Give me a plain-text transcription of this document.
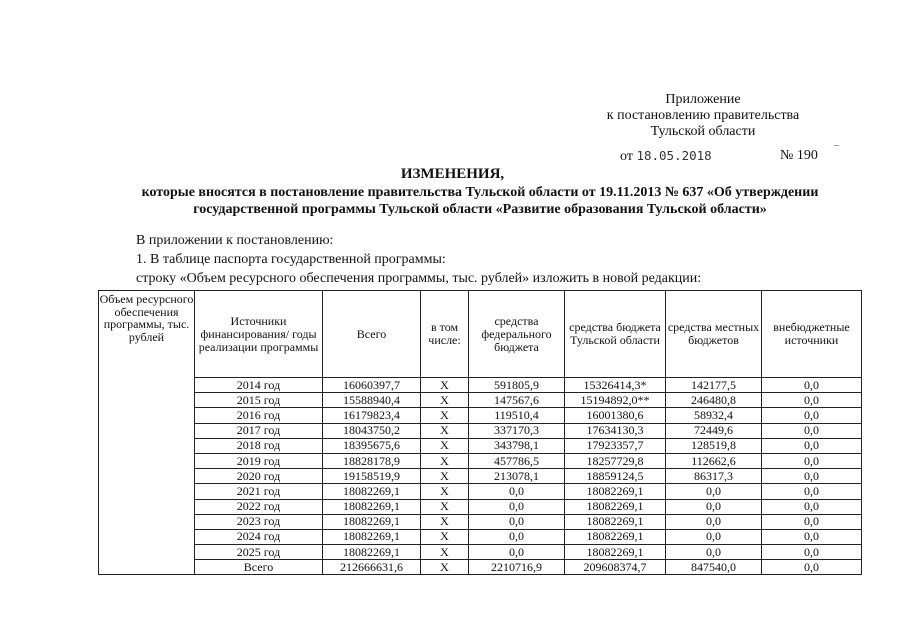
Приложение
к постановлению правительства
Тульской области
–
от 18.05.2018	№ 190
ИЗМЕНЕНИЯ,
которые вносятся в постановление правительства Тульской области от 19.11.2013 № 637 «Об утверждении государственной программы Тульской области «Развитие образования Тульской области»
В приложении к постановлению:
1. В таблице паспорта государственной программы:
строку «Объем ресурсного обеспечения программы, тыс. рублей» изложить в новой редакции:
Объем ресурсного обеспечения программы, тыс. рублей	Источники финансирования/ годы реализации программы	Всего	в том числе:	средства федерального бюджета	средства бюджета Тульской области	средства местных бюджетов	внебюджетные источники
	2014 год	16060397,7	X	591805,9	15326414,3*	142177,5	0,0
	2015 год	15588940,4	X	147567,6	15194892,0**	246480,8	0,0
	2016 год	16179823,4	X	119510,4	16001380,6	58932,4	0,0
	2017 год	18043750,2	X	337170,3	17634130,3	72449,6	0,0
	2018 год	18395675,6	X	343798,1	17923357,7	128519,8	0,0
	2019 год	18828178,9	X	457786,5	18257729,8	112662,6	0,0
	2020 год	19158519,9	X	213078,1	18859124,5	86317,3	0,0
	2021 год	18082269,1	X	0,0	18082269,1	0,0	0,0
	2022 год	18082269,1	X	0,0	18082269,1	0,0	0,0
	2023 год	18082269,1	X	0,0	18082269,1	0,0	0,0
	2024 год	18082269,1	X	0,0	18082269,1	0,0	0,0
	2025 год	18082269,1	X	0,0	18082269,1	0,0	0,0
	Всего	212666631,6	X	2210716,9	209608374,7	847540,0	0,0
